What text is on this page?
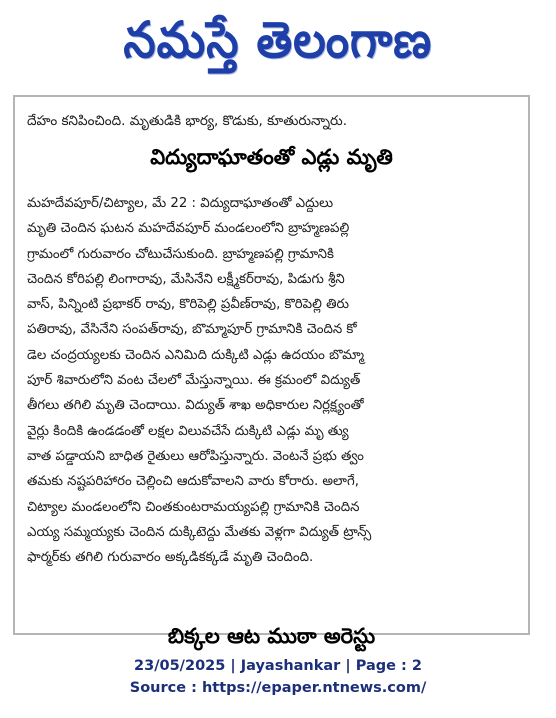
నమస్తే తెలంగాణ
దేహం కనిపించింది. మృతుడికి భార్య, కొడుకు, కూతురున్నారు.
విద్యుదాఘాతంతో ఎడ్లు మృతి
మహదేవపూర్/చిట్యాల, మే 22 : విద్యుదాఘాతంతో ఎద్దులు
మృతి చెందిన ఘటన మహదేవపూర్ మండలంలోని బ్రాహ్మణపల్లి
గ్రామంలో గురువారం చోటుచేసుకుంది. బ్రాహ్మణపల్లి గ్రామానికి
చెందిన కోరిపల్లి లింగారావు, మేసినేని లక్ష్మీకర్‌రావు, పిడుగు శ్రీని
వాస్, పిన్నింటి ప్రభాకర్ రావు, కొరిపెల్లి ప్రవీణ్‌రావు, కొరిపెల్లి తిరు
పతిరావు, వేసినేని సంపత్‌రావు, బొమ్మాపూర్ గ్రామానికి చెందిన కో
డెల చంద్రయ్యలకు చెందిన ఎనిమిది దుక్కిటి ఎడ్లు ఉదయం బొమ్మా
పూర్ శివారులోని వంట చేలలో మేస్తున్నాయి. ఈ క్రమంలో విద్యుత్
తీగలు తగిలి మృతి చెందాయి. విద్యుత్ శాఖ అధికారుల నిర్లక్ష్యంతో
వైర్లు కిందికి ఉండడంతో లక్షల విలువచేసే దుక్కిటి ఎడ్లు మృ త్యు
వాత పడ్డాయని బాధిత రైతులు ఆరోపిస్తున్నారు. వెంటనే ప్రభు త్వం
తమకు నష్టపరిహారం చెల్లించి ఆదుకోవాలని వారు కోరారు. అలాగే,
చిట్యాల మండలంలోని చింతకుంటరామయ్యపల్లి గ్రామానికి చెందిన
ఎయ్య సమ్మయ్యకు చెందిన దుక్కిటెద్దు మేతకు వెళ్లగా విద్యుత్ ట్రాన్స్
ఫార్మర్‌కు తగిలి గురువారం అక్కడికక్కడే మృతి చెందింది.
బిక్కల ఆట ముఠా అరెస్టు
23/05/2025 | Jayashankar | Page : 2
Source : https://epaper.ntnews.com/
